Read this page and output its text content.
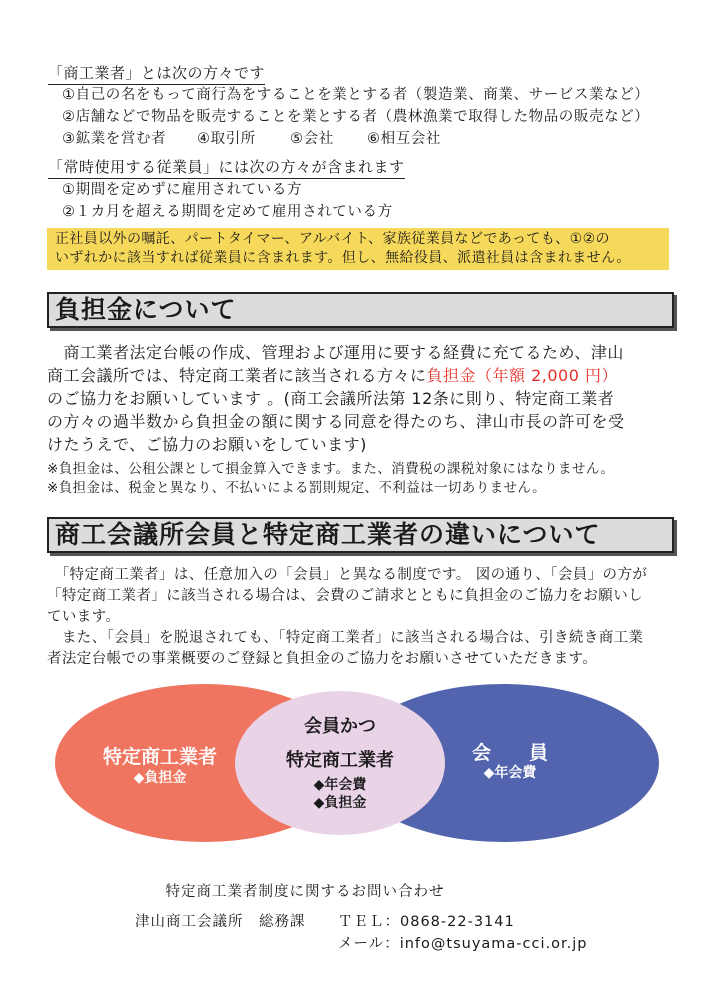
「商工業者」とは次の方々です
①自己の名をもって商行為をすることを業とする者（製造業、商業、サービス業など）
②店舗などで物品を販売することを業とする者（農林漁業で取得した物品の販売など）
③鉱業を営む者 ④取引所 ⑤会社 ⑥相互会社
「常時使用する従業員」には次の方々が含まれます
①期間を定めずに雇用されている方
②１カ月を超える期間を定めて雇用されている方
正社員以外の嘱託、パートタイマー、アルバイト、家族従業員などであっても、①②の
いずれかに該当すれば従業員に含まれます。但し、無給役員、派遣社員は含まれません。
負担金について
　商工業者法定台帳の作成、管理および運用に要する経費に充てるため、津山
商工会議所では、特定商工業者に該当される方々に負担金（年額 2,000 円）
のご協力をお願いしています 。(商工会議所法第 12条に則り、特定商工業者
の方々の過半数から負担金の額に関する同意を得たのち、津山市長の許可を受
けたうえで、ご協力のお願いをしています)
※負担金は、公租公課として損金算入できます。また、消費税の課税対象にはなりません。
※負担金は、税金と異なり、不払いによる罰則規定、不利益は一切ありません。
商工会議所会員と特定商工業者の違いについて
　「特定商工業者」は、任意加入の「会員」と異なる制度です。 図の通り、「会員」の方が
「特定商工業者」に該当される場合は、会費のご請求とともに負担金のご協力をお願いし
ています。
　また、「会員」を脱退されても、「特定商工業者」に該当される場合は、引き続き商工業
者法定台帳での事業概要のご登録と負担金のご協力をお願いさせていただきます。
特定商工業者
◆負担金
会員かつ
特定商工業者
◆年会費
◆負担金
会　　員
◆年会費
特定商工業者制度に関するお問い合わせ
津山商工会議所　総務課 ＴＥＬ：0868-22-3141
メール：info@tsuyama-cci.or.jp
